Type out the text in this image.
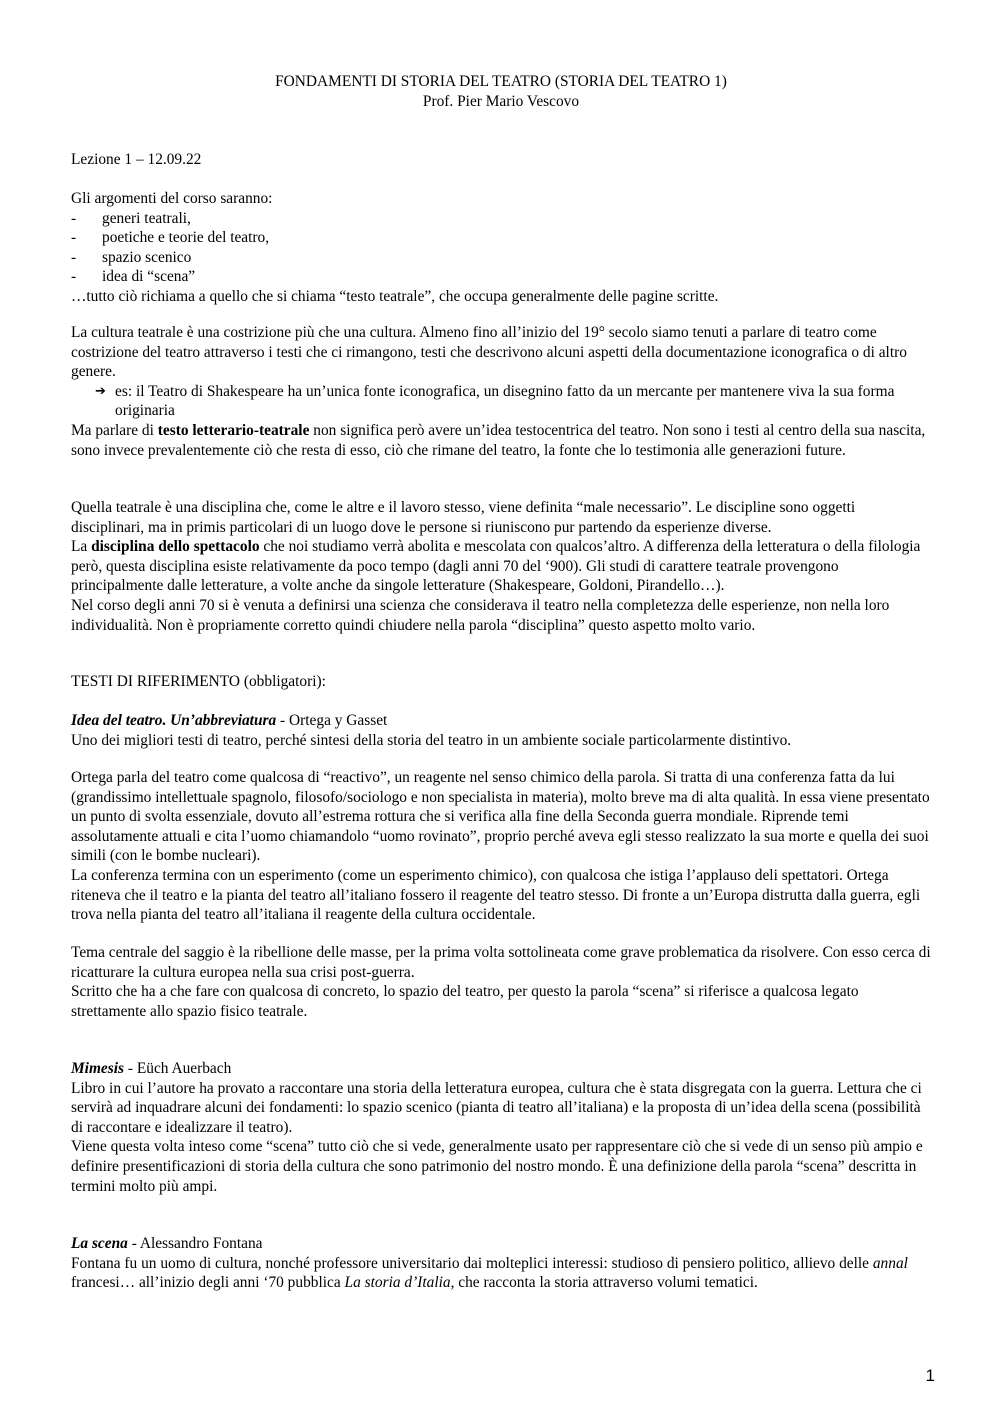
FONDAMENTI DI STORIA DEL TEATRO (STORIA DEL TEATRO 1)
Prof. Pier Mario Vescovo
Lezione 1 – 12.09.22
Gli argomenti del corso saranno:
-	generi teatrali,
-	poetiche e teorie del teatro,
-	spazio scenico
-	idea di “scena”
…tutto ciò richiama a quello che si chiama “testo teatrale”, che occupa generalmente delle pagine scritte.
La cultura teatrale è una costrizione più che una cultura. Almeno fino all’inizio del 19° secolo siamo tenuti a parlare di teatro come costrizione del teatro attraverso i testi che ci rimangono, testi che descrivono alcuni aspetti della documentazione iconografica o di altro genere.
➔ es: il Teatro di Shakespeare ha un’unica fonte iconografica, un disegnino fatto da un mercante per mantenere viva la sua forma originaria
Ma parlare di testo letterario-teatrale non significa però avere un’idea testocentrica del teatro. Non sono i testi al centro della sua nascita, sono invece prevalentemente ciò che resta di esso, ciò che rimane del teatro, la fonte che lo testimonia alle generazioni future.
Quella teatrale è una disciplina che, come le altre e il lavoro stesso, viene definita “male necessario”. Le discipline sono oggetti disciplinari, ma in primis particolari di un luogo dove le persone si riuniscono pur partendo da esperienze diverse.
La disciplina dello spettacolo che noi studiamo verrà abolita e mescolata con qualcos’altro. A differenza della letteratura o della filologia però, questa disciplina esiste relativamente da poco tempo (dagli anni 70 del ‘900). Gli studi di carattere teatrale provengono principalmente dalle letterature, a volte anche da singole letterature (Shakespeare, Goldoni, Pirandello…).
Nel corso degli anni 70 si è venuta a definirsi una scienza che considerava il teatro nella completezza delle esperienze, non nella loro individualità. Non è propriamente corretto quindi chiudere nella parola “disciplina” questo aspetto molto vario.
TESTI DI RIFERIMENTO (obbligatori):
Idea del teatro. Un’abbreviatura - Ortega y Gasset
Uno dei migliori testi di teatro, perché sintesi della storia del teatro in un ambiente sociale particolarmente distintivo.
Ortega parla del teatro come qualcosa di “reactivo”, un reagente nel senso chimico della parola. Si tratta di una conferenza fatta da lui (grandissimo intellettuale spagnolo, filosofo/sociologo e non specialista in materia), molto breve ma di alta qualità. In essa viene presentato un punto di svolta essenziale, dovuto all’estrema rottura che si verifica alla fine della Seconda guerra mondiale. Riprende temi assolutamente attuali e cita l’uomo chiamandolo “uomo rovinato”, proprio perché aveva egli stesso realizzato la sua morte e quella dei suoi simili (con le bombe nucleari).
La conferenza termina con un esperimento (come un esperimento chimico), con qualcosa che istiga l’applauso deli spettatori. Ortega riteneva che il teatro e la pianta del teatro all’italiano fossero il reagente del teatro stesso. Di fronte a un’Europa distrutta dalla guerra, egli trova nella pianta del teatro all’italiana il reagente della cultura occidentale.
Tema centrale del saggio è la ribellione delle masse, per la prima volta sottolineata come grave problematica da risolvere. Con esso cerca di ricatturare la cultura europea nella sua crisi post-guerra.
Scritto che ha a che fare con qualcosa di concreto, lo spazio del teatro, per questo la parola “scena” si riferisce a qualcosa legato strettamente allo spazio fisico teatrale.
Mimesis - Eüch Auerbach
Libro in cui l’autore ha provato a raccontare una storia della letteratura europea, cultura che è stata disgregata con la guerra. Lettura che ci servirà ad inquadrare alcuni dei fondamenti: lo spazio scenico (pianta di teatro all’italiana) e la proposta di un’idea della scena (possibilità di raccontare e idealizzare il teatro).
Viene questa volta inteso come “scena” tutto ciò che si vede, generalmente usato per rappresentare ciò che si vede di un senso più ampio e definire presentificazioni di storia della cultura che sono patrimonio del nostro mondo. È una definizione della parola “scena” descritta in termini molto più ampi.
La scena - Alessandro Fontana
Fontana fu un uomo di cultura, nonché professore universitario dai molteplici interessi: studioso di pensiero politico, allievo delle annal francesi… all’inizio degli anni ‘70 pubblica La storia d’Italia, che racconta la storia attraverso volumi tematici.
1
